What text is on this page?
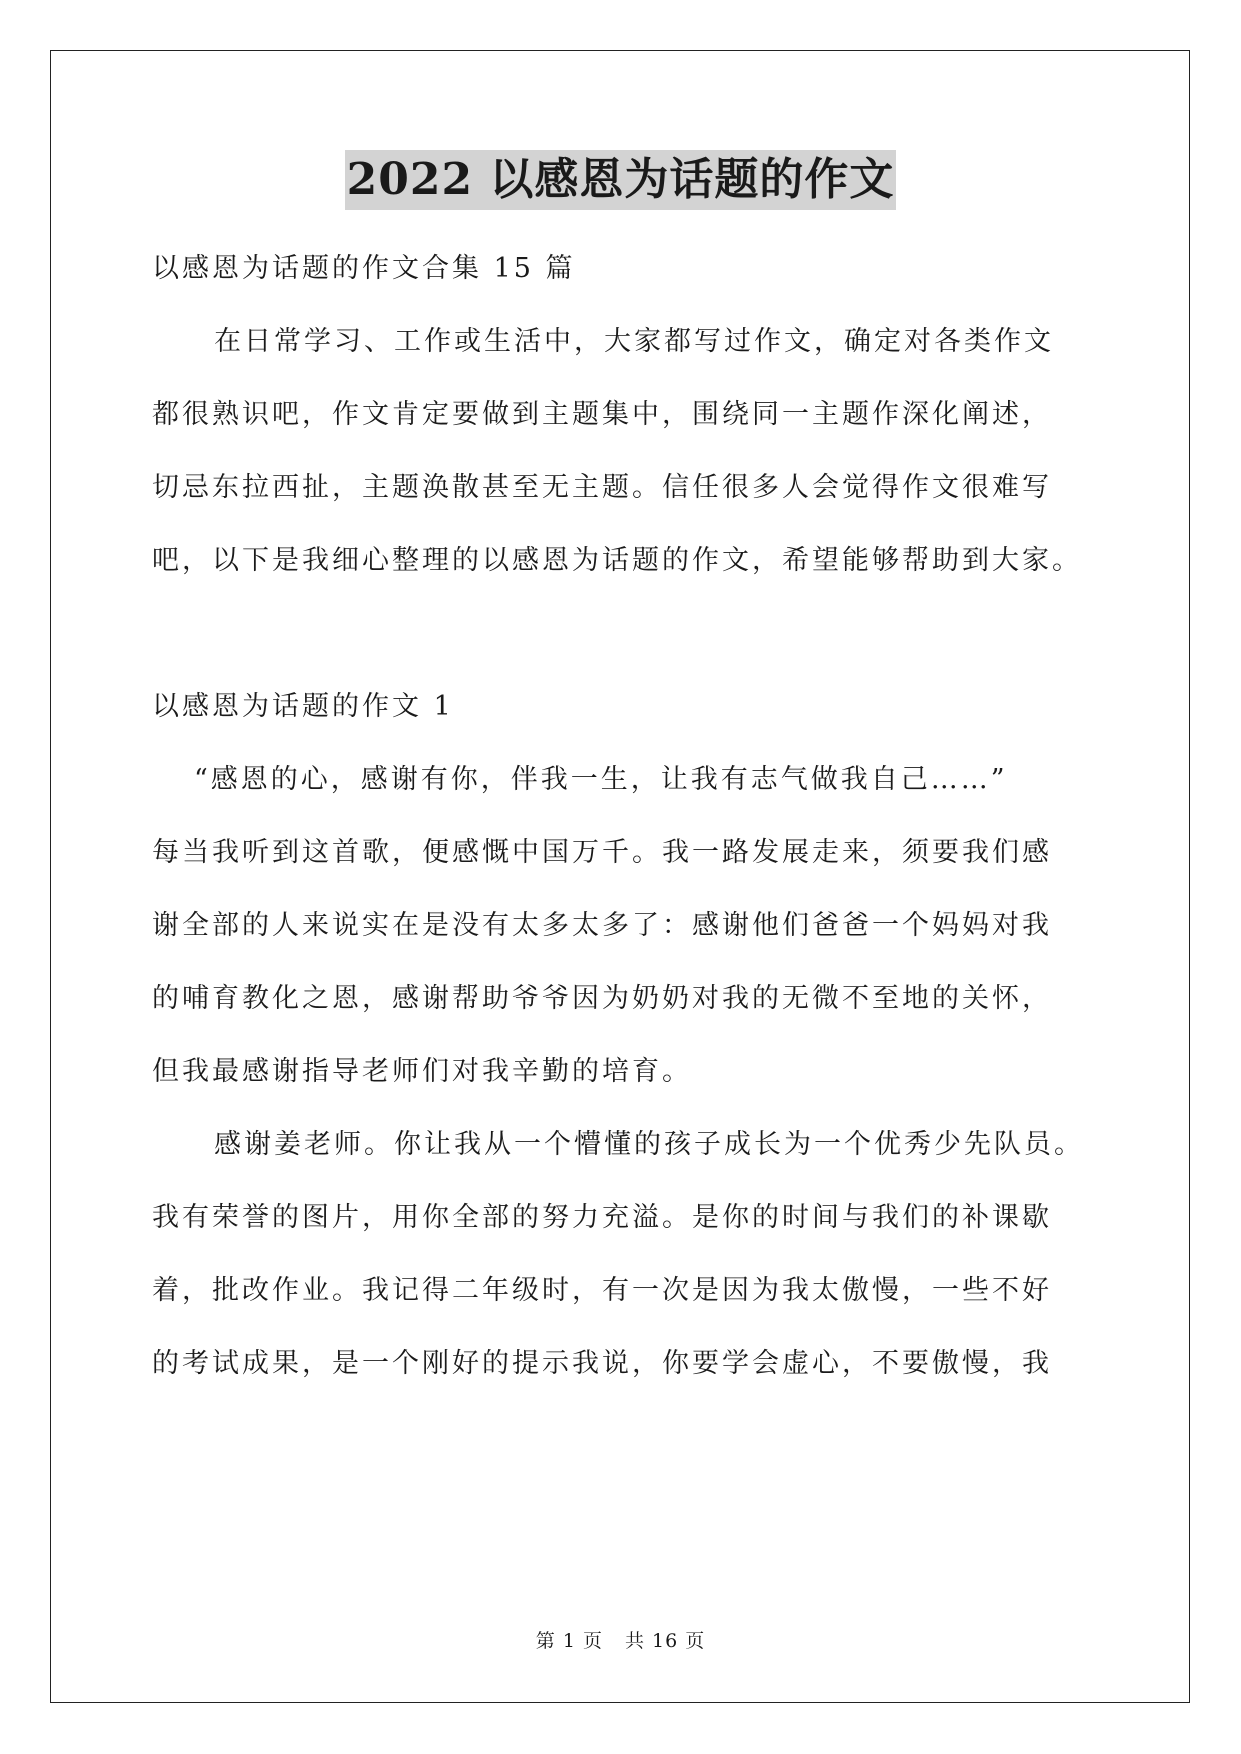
2022 以感恩为话题的作文

以感恩为话题的作文合集 15 篇

在日常学习、工作或生活中，大家都写过作文，确定对各类作文

都很熟识吧，作文肯定要做到主题集中，围绕同一主题作深化阐述，

切忌东拉西扯，主题涣散甚至无主题。信任很多人会觉得作文很难写

吧，以下是我细心整理的以感恩为话题的作文，希望能够帮助到大家。

以感恩为话题的作文 1

“感恩的心，感谢有你，伴我一生，让我有志气做我自己……”

每当我听到这首歌，便感慨中国万千。我一路发展走来，须要我们感

谢全部的人来说实在是没有太多太多了：感谢他们爸爸一个妈妈对我

的哺育教化之恩，感谢帮助爷爷因为奶奶对我的无微不至地的关怀，

但我最感谢指导老师们对我辛勤的培育。

感谢姜老师。你让我从一个懵懂的孩子成长为一个优秀少先队员。

我有荣誉的图片，用你全部的努力充溢。是你的时间与我们的补课歇

着，批改作业。我记得二年级时，有一次是因为我太傲慢，一些不好

的考试成果，是一个刚好的提示我说，你要学会虚心，不要傲慢，我

第 1 页 共 16 页
